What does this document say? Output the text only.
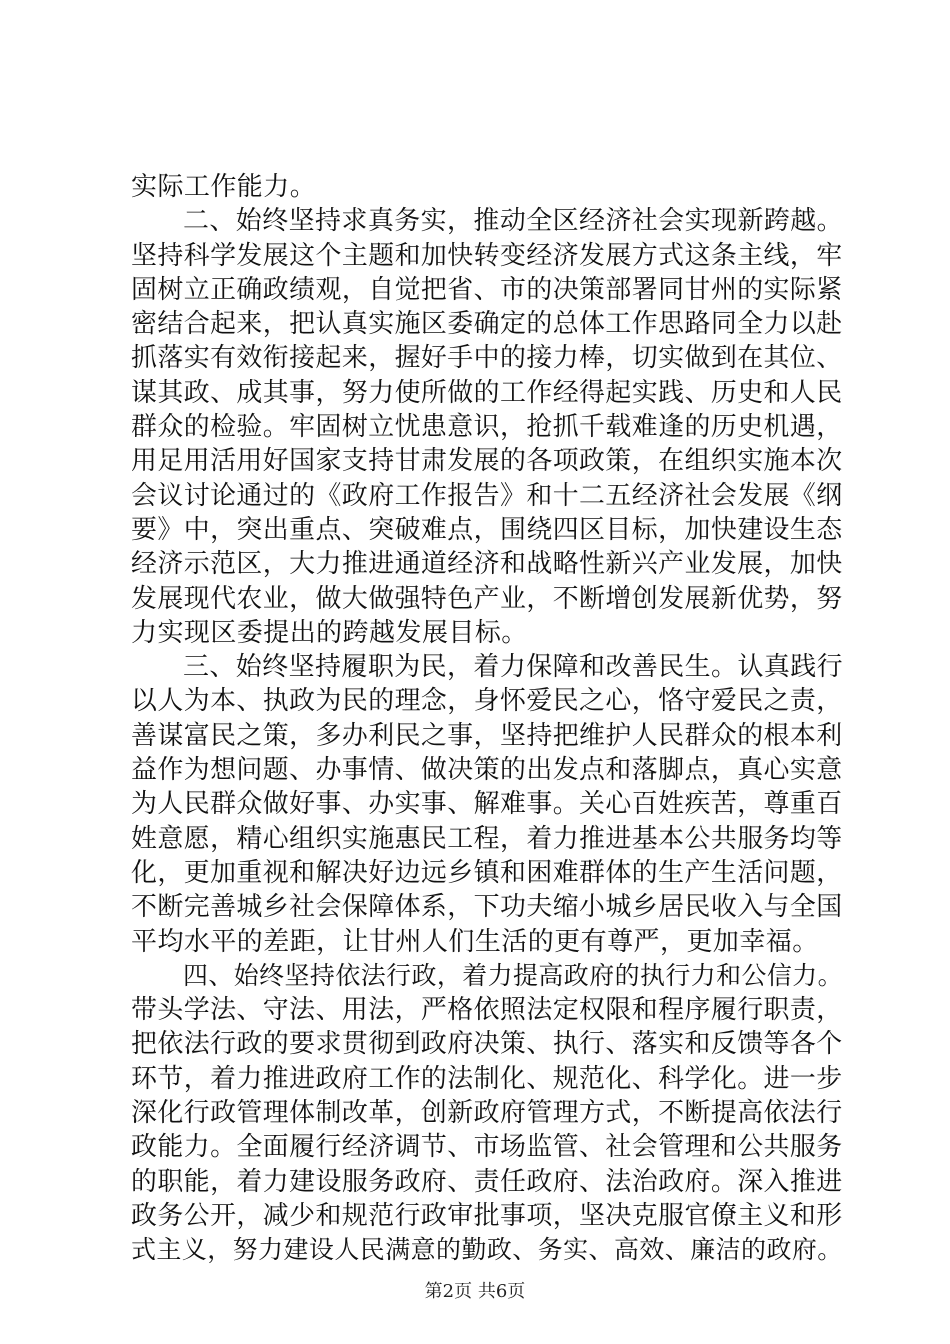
实际工作能力。
二、始终坚持求真务实，推动全区经济社会实现新跨越。
坚持科学发展这个主题和加快转变经济发展方式这条主线，牢
固树立正确政绩观，自觉把省、市的决策部署同甘州的实际紧
密结合起来，把认真实施区委确定的总体工作思路同全力以赴
抓落实有效衔接起来，握好手中的接力棒，切实做到在其位、
谋其政、成其事，努力使所做的工作经得起实践、历史和人民
群众的检验。牢固树立忧患意识，抢抓千载难逢的历史机遇，
用足用活用好国家支持甘肃发展的各项政策，在组织实施本次
会议讨论通过的《政府工作报告》和十二五经济社会发展《纲
要》中，突出重点、突破难点，围绕四区目标，加快建设生态
经济示范区，大力推进通道经济和战略性新兴产业发展，加快
发展现代农业，做大做强特色产业，不断增创发展新优势，努
力实现区委提出的跨越发展目标。
三、始终坚持履职为民，着力保障和改善民生。认真践行
以人为本、执政为民的理念，身怀爱民之心，恪守爱民之责，
善谋富民之策，多办利民之事，坚持把维护人民群众的根本利
益作为想问题、办事情、做决策的出发点和落脚点，真心实意
为人民群众做好事、办实事、解难事。关心百姓疾苦，尊重百
姓意愿，精心组织实施惠民工程，着力推进基本公共服务均等
化，更加重视和解决好边远乡镇和困难群体的生产生活问题，
不断完善城乡社会保障体系，下功夫缩小城乡居民收入与全国
平均水平的差距，让甘州人们生活的更有尊严，更加幸福。
四、始终坚持依法行政，着力提高政府的执行力和公信力。
带头学法、守法、用法，严格依照法定权限和程序履行职责，
把依法行政的要求贯彻到政府决策、执行、落实和反馈等各个
环节，着力推进政府工作的法制化、规范化、科学化。进一步
深化行政管理体制改革，创新政府管理方式，不断提高依法行
政能力。全面履行经济调节、市场监管、社会管理和公共服务
的职能，着力建设服务政府、责任政府、法治政府。深入推进
政务公开，减少和规范行政审批事项，坚决克服官僚主义和形
式主义，努力建设人民满意的勤政、务实、高效、廉洁的政府。
第2页 共6页
